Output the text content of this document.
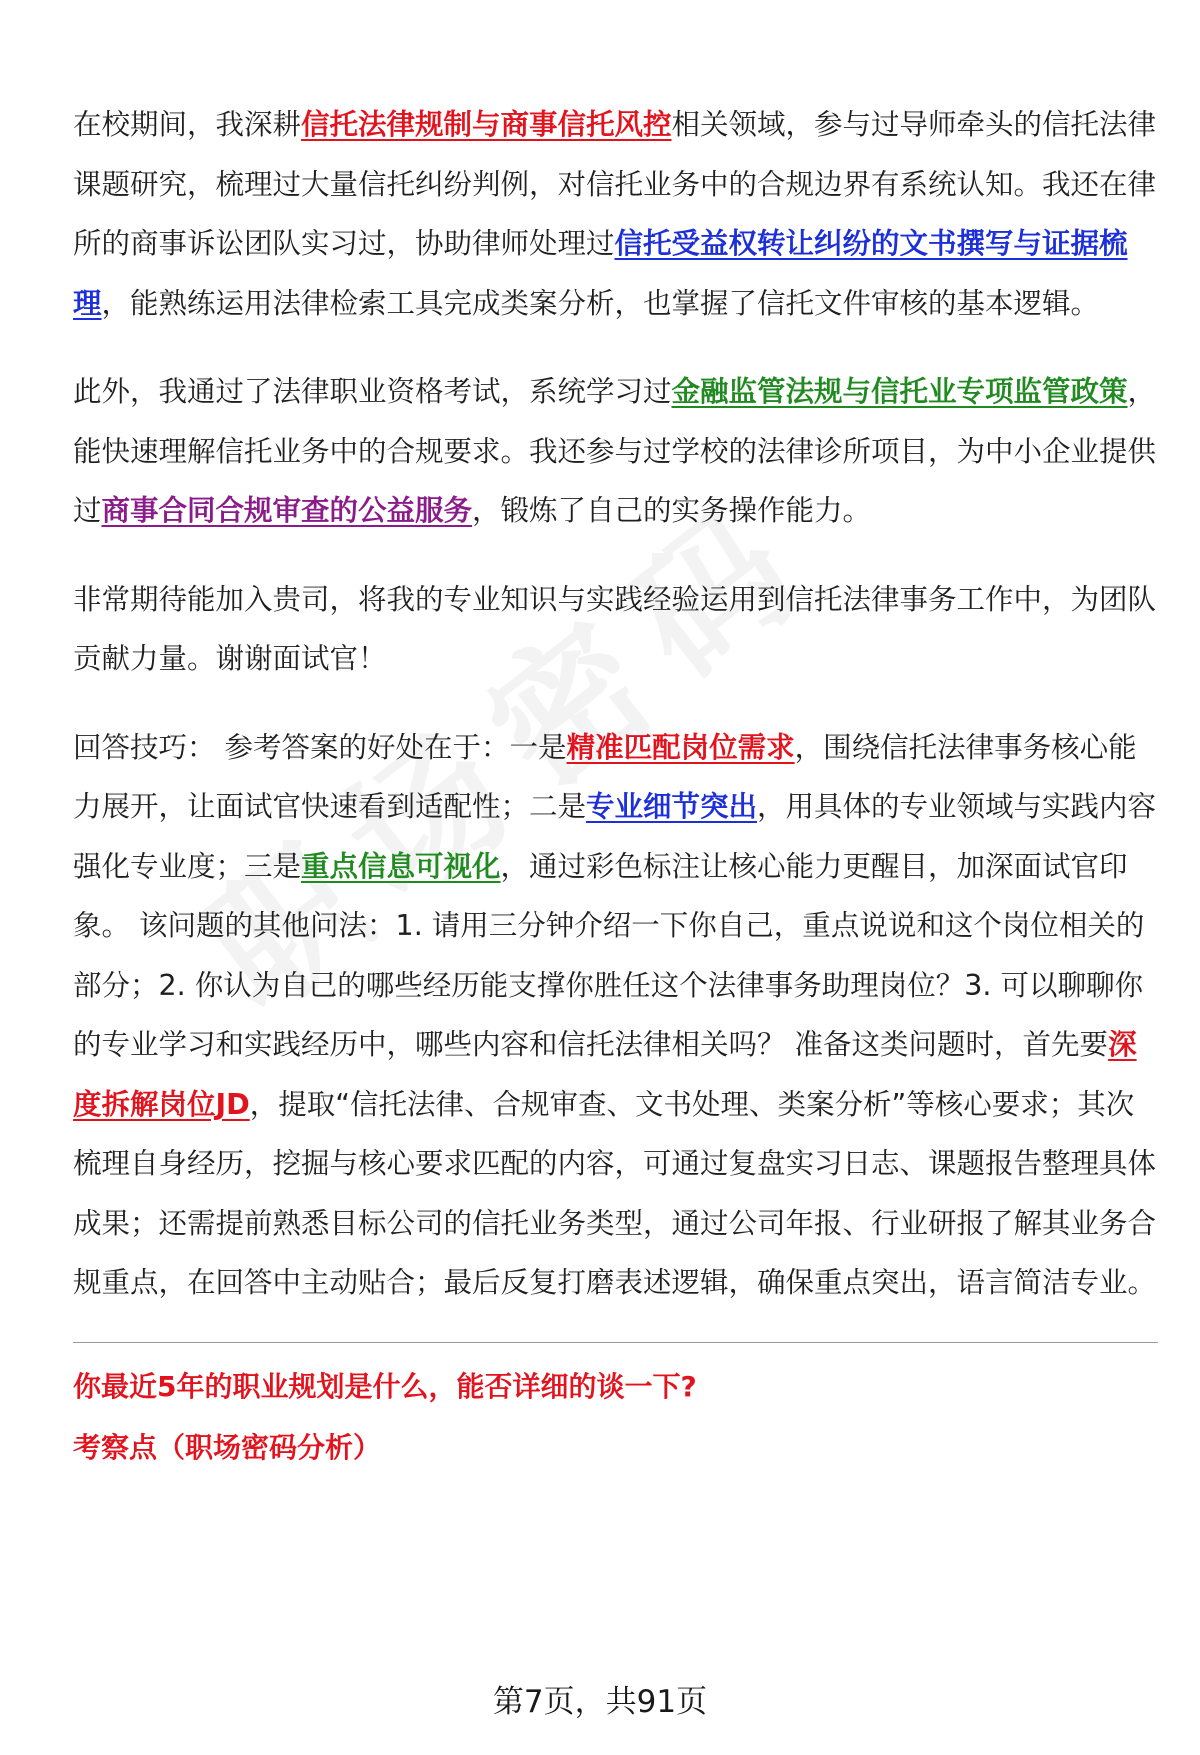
在校期间，我深耕信托法律规制与商事信托风控相关领域，参与过导师牵头的信托法律课题研究，梳理过大量信托纠纷判例，对信托业务中的合规边界有系统认知。我还在律所的商事诉讼团队实习过，协助律师处理过信托受益权转让纠纷的文书撰写与证据梳理，能熟练运用法律检索工具完成类案分析，也掌握了信托文件审核的基本逻辑。

此外，我通过了法律职业资格考试，系统学习过金融监管法规与信托业专项监管政策，能快速理解信托业务中的合规要求。我还参与过学校的法律诊所项目，为中小企业提供过商事合同合规审查的公益服务，锻炼了自己的实务操作能力。

非常期待能加入贵司，将我的专业知识与实践经验运用到信托法律事务工作中，为团队贡献力量。谢谢面试官！

回答技巧： 参考答案的好处在于：一是精准匹配岗位需求，围绕信托法律事务核心能力展开，让面试官快速看到适配性；二是专业细节突出，用具体的专业领域与实践内容强化专业度；三是重点信息可视化，通过彩色标注让核心能力更醒目，加深面试官印象。 该问题的其他问法：1. 请用三分钟介绍一下你自己，重点说说和这个岗位相关的部分；2. 你认为自己的哪些经历能支撑你胜任这个法律事务助理岗位？3. 可以聊聊你的专业学习和实践经历中，哪些内容和信托法律相关吗？ 准备这类问题时，首先要深度拆解岗位JD，提取“信托法律、合规审查、文书处理、类案分析”等核心要求；其次梳理自身经历，挖掘与核心要求匹配的内容，可通过复盘实习日志、课题报告整理具体成果；还需提前熟悉目标公司的信托业务类型，通过公司年报、行业研报了解其业务合规重点，在回答中主动贴合；最后反复打磨表述逻辑，确保重点突出，语言简洁专业。

你最近5年的职业规划是什么，能否详细的谈一下?
考察点（职场密码分析）
第7页，共91页
